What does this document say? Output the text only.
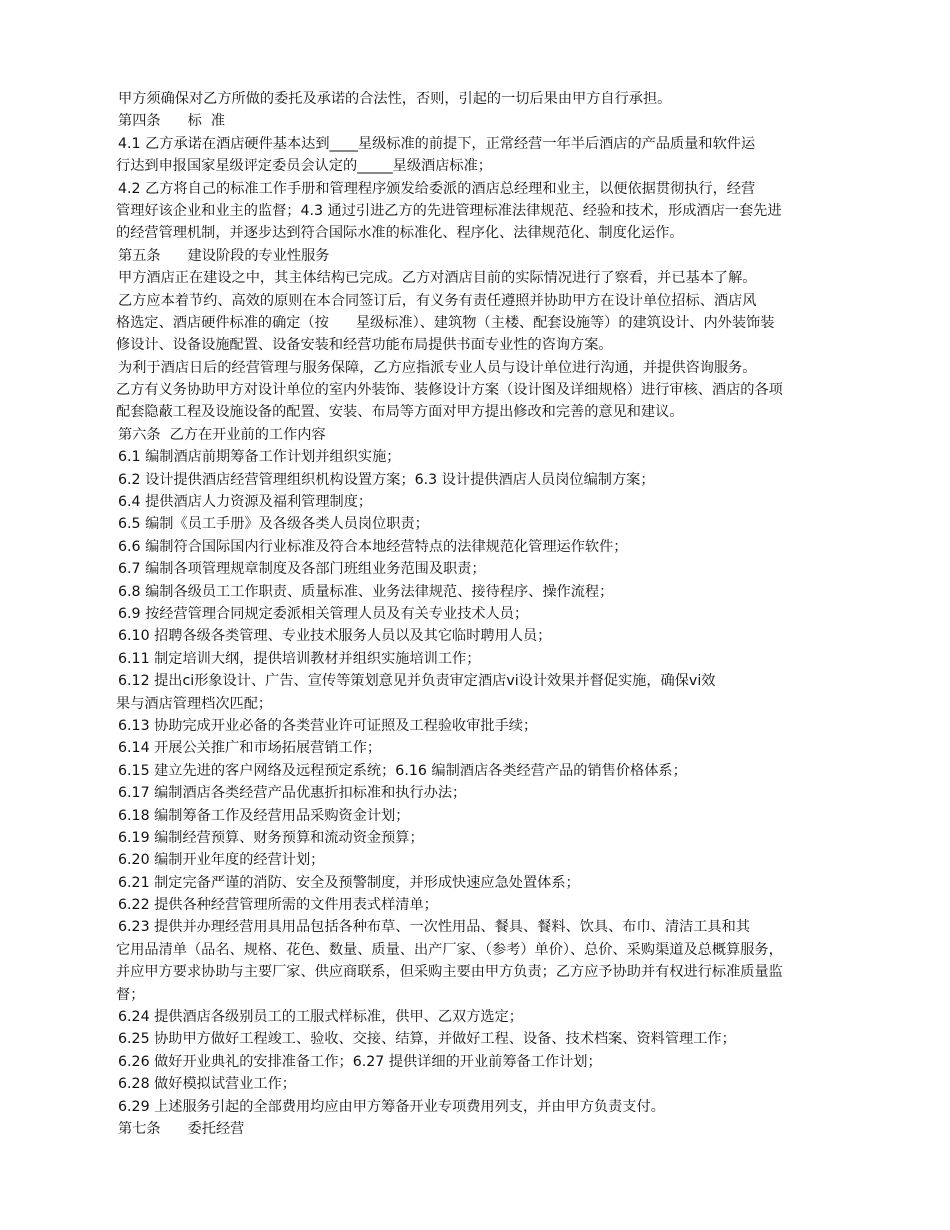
甲方须确保对乙方所做的委托及承诺的合法性，否则，引起的一切后果由甲方自行承担。
第四条      标  准
4.1 乙方承诺在酒店硬件基本达到____星级标准的前提下，正常经营一年半后酒店的产品质量和软件运
行达到申报国家星级评定委员会认定的_____星级酒店标准；
4.2 乙方将自己的标准工作手册和管理程序颁发给委派的酒店总经理和业主，以便依据贯彻执行，经营
管理好该企业和业主的监督；4.3 通过引进乙方的先进管理标准法律规范、经验和技术，形成酒店一套先进
的经营管理机制，并逐步达到符合国际水准的标准化、程序化、法律规范化、制度化运作。
第五条      建设阶段的专业性服务
甲方酒店正在建设之中，其主体结构已完成。乙方对酒店目前的实际情况进行了察看，并已基本了解。
乙方应本着节约、高效的原则在本合同签订后，有义务有责任遵照并协助甲方在设计单位招标、酒店风
格选定、酒店硬件标准的确定（按      星级标准）、建筑物（主楼、配套设施等）的建筑设计、内外装饰装
修设计、设备设施配置、设备安装和经营功能布局提供书面专业性的咨询方案。
为利于酒店日后的经营管理与服务保障，乙方应指派专业人员与设计单位进行沟通，并提供咨询服务。
乙方有义务协助甲方对设计单位的室内外装饰、装修设计方案（设计图及详细规格）进行审核、酒店的各项
配套隐蔽工程及设施设备的配置、安装、布局等方面对甲方提出修改和完善的意见和建议。
第六条  乙方在开业前的工作内容
6.1 编制酒店前期筹备工作计划并组织实施；
6.2 设计提供酒店经营管理组织机构设置方案；6.3 设计提供酒店人员岗位编制方案；
6.4 提供酒店人力资源及福利管理制度；
6.5 编制《员工手册》及各级各类人员岗位职责；
6.6 编制符合国际国内行业标准及符合本地经营特点的法律规范化管理运作软件；
6.7 编制各项管理规章制度及各部门班组业务范围及职责；
6.8 编制各级员工工作职责、质量标准、业务法律规范、接待程序、操作流程；
6.9 按经营管理合同规定委派相关管理人员及有关专业技术人员；
6.10 招聘各级各类管理、专业技术服务人员以及其它临时聘用人员；
6.11 制定培训大纲，提供培训教材并组织实施培训工作；
6.12 提出ci形象设计、广告、宣传等策划意见并负责审定酒店vi设计效果并督促实施，确保vi效
果与酒店管理档次匹配；
6.13 协助完成开业必备的各类营业许可证照及工程验收审批手续；
6.14 开展公关推广和市场拓展营销工作；
6.15 建立先进的客户网络及远程预定系统；6.16 编制酒店各类经营产品的销售价格体系；
6.17 编制酒店各类经营产品优惠折扣标准和执行办法；
6.18 编制筹备工作及经营用品采购资金计划；
6.19 编制经营预算、财务预算和流动资金预算；
6.20 编制开业年度的经营计划；
6.21 制定完备严谨的消防、安全及预警制度，并形成快速应急处置体系；
6.22 提供各种经营管理所需的文件用表式样清单；
6.23 提供并办理经营用具用品包括各种布草、一次性用品、餐具、餐料、饮具、布巾、清洁工具和其
它用品清单（品名、规格、花色、数量、质量、出产厂家、（参考）单价）、总价、采购渠道及总概算服务，
并应甲方要求协助与主要厂家、供应商联系，但采购主要由甲方负责；乙方应予协助并有权进行标准质量监
督；
6.24 提供酒店各级别员工的工服式样标准，供甲、乙双方选定；
6.25 协助甲方做好工程竣工、验收、交接、结算，并做好工程、设备、技术档案、资料管理工作；
6.26 做好开业典礼的安排准备工作；6.27 提供详细的开业前筹备工作计划；
6.28 做好模拟试营业工作；
6.29 上述服务引起的全部费用均应由甲方筹备开业专项费用列支，并由甲方负责支付。
第七条      委托经营
